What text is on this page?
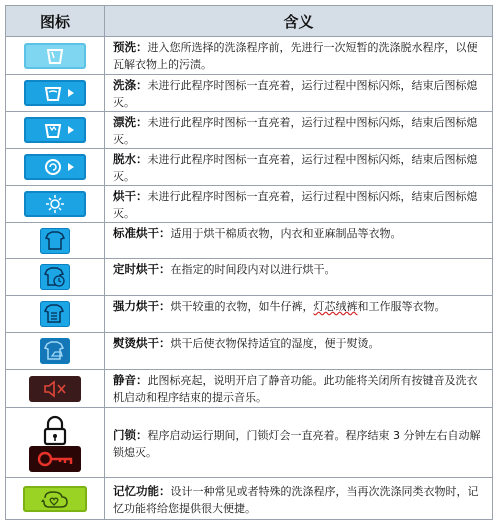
图标	含义

	预洗：进入您所选择的洗涤程序前，先进行一次短暂的洗涤脱水程序，以便瓦解衣物上的污渍。

	洗涤：未进行此程序时图标一直亮着，运行过程中图标闪烁，结束后图标熄灭。

	漂洗：未进行此程序时图标一直亮着，运行过程中图标闪烁，结束后图标熄灭。

	脱水：未进行此程序时图标一直亮着，运行过程中图标闪烁，结束后图标熄灭。

	烘干：未进行此程序时图标一直亮着，运行过程中图标闪烁，结束后图标熄灭。

	标准烘干：适用于烘干棉质衣物，内衣和亚麻制品等衣物。

	定时烘干：在指定的时间段内对以进行烘干。

	强力烘干：烘干较重的衣物，如牛仔裤，灯芯绒裤和工作服等衣物。

	熨烫烘干：烘干后使衣物保持适宜的湿度，便于熨烫。

	静音：此图标亮起，说明开启了静音功能。此功能将关闭所有按键音及洗衣机启动和程序结束的提示音乐。

	门锁：程序启动运行期间，门锁灯会一直亮着。程序结束 3 分钟左右自动解锁熄灭。

	记忆功能：设计一种常见或者特殊的洗涤程序，当再次洗涤同类衣物时，记忆功能将给您提供很大便捷。
